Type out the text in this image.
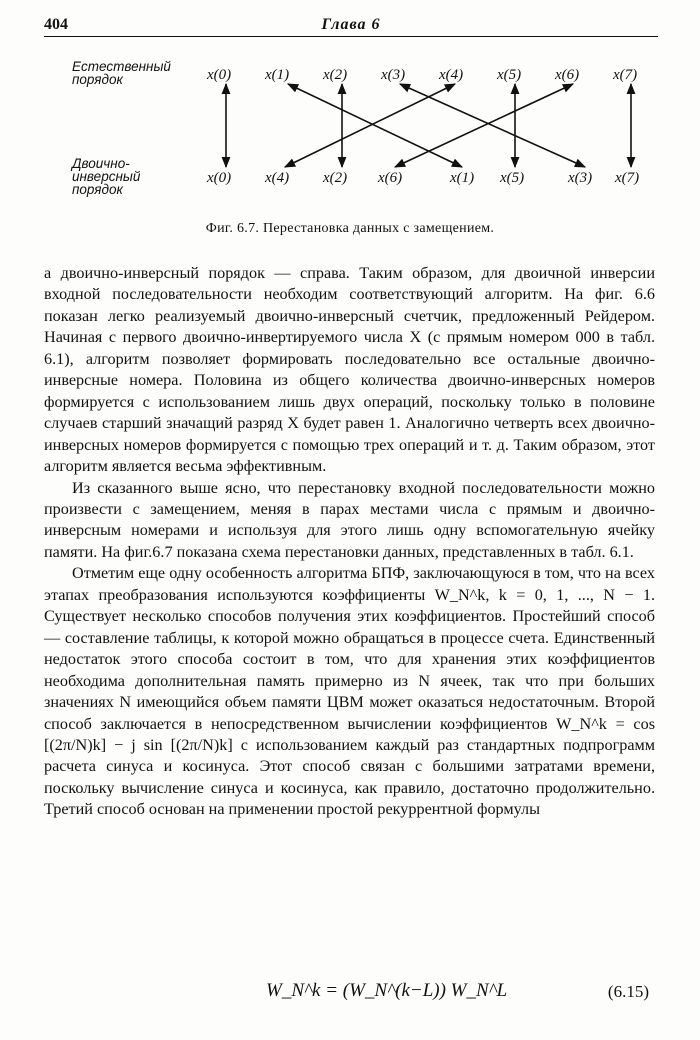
404	Глава 6
Естественный
порядок
Двоично-
инверсный
порядок
x(0) x(1) x(2) x(3) x(4) x(5) x(6) x(7)
x(0) x(4) x(2) x(6)	x(1) x(5)	x(3) x(7)
Фиг. 6.7. Перестановка данных с замещением.

а двоично-инверсный порядок — справа. Таким образом, для двоичной инверсии входной последовательности необходим соответствующий алгоритм. На фиг. 6.6 показан легко реализуемый двоично-инверсный счетчик, предложенный Рейдером. Начиная с первого двоично-инвертируемого числа X (с прямым номером 000 в табл. 6.1), алгоритм позволяет формировать последовательно все остальные двоично-инверсные номера. Половина из общего количества двоично-инверсных номеров формируется с использованием лишь двух операций, поскольку только в половине случаев старший значащий разряд X будет равен 1. Аналогично четверть всех двоично-инверсных номеров формируется с помощью трех операций и т. д. Таким образом, этот алгоритм является весьма эффективным.

Из сказанного выше ясно, что перестановку входной последовательности можно произвести с замещением, меняя в парах местами числа с прямым и двоично-инверсным номерами и используя для этого лишь одну вспомогательную ячейку памяти. На фиг.6.7 показана схема перестановки данных, представленных в табл. 6.1.

Отметим еще одну особенность алгоритма БПФ, заключающуюся в том, что на всех этапах преобразования используются коэффициенты W_N^k, k = 0, 1, ..., N − 1. Существует несколько способов получения этих коэффициентов. Простейший способ — составление таблицы, к которой можно обращаться в процессе счета. Единственный недостаток этого способа состоит в том, что для хранения этих коэффициентов необходима дополнительная память примерно из N ячеек, так что при больших значениях N имеющийся объем памяти ЦВМ может оказаться недостаточным. Второй способ заключается в непосредственном вычислении коэффициентов W_N^k = cos [(2π/N)k] − j sin [(2π/N)k] с использованием каждый раз стандартных подпрограмм расчета синуса и косинуса. Этот способ связан с большими затратами времени, поскольку вычисление синуса и косинуса, как правило, достаточно продолжительно. Третий способ основан на применении простой рекуррентной формулы

W_N^k = (W_N^(k−L)) W_N^L	(6.15)
